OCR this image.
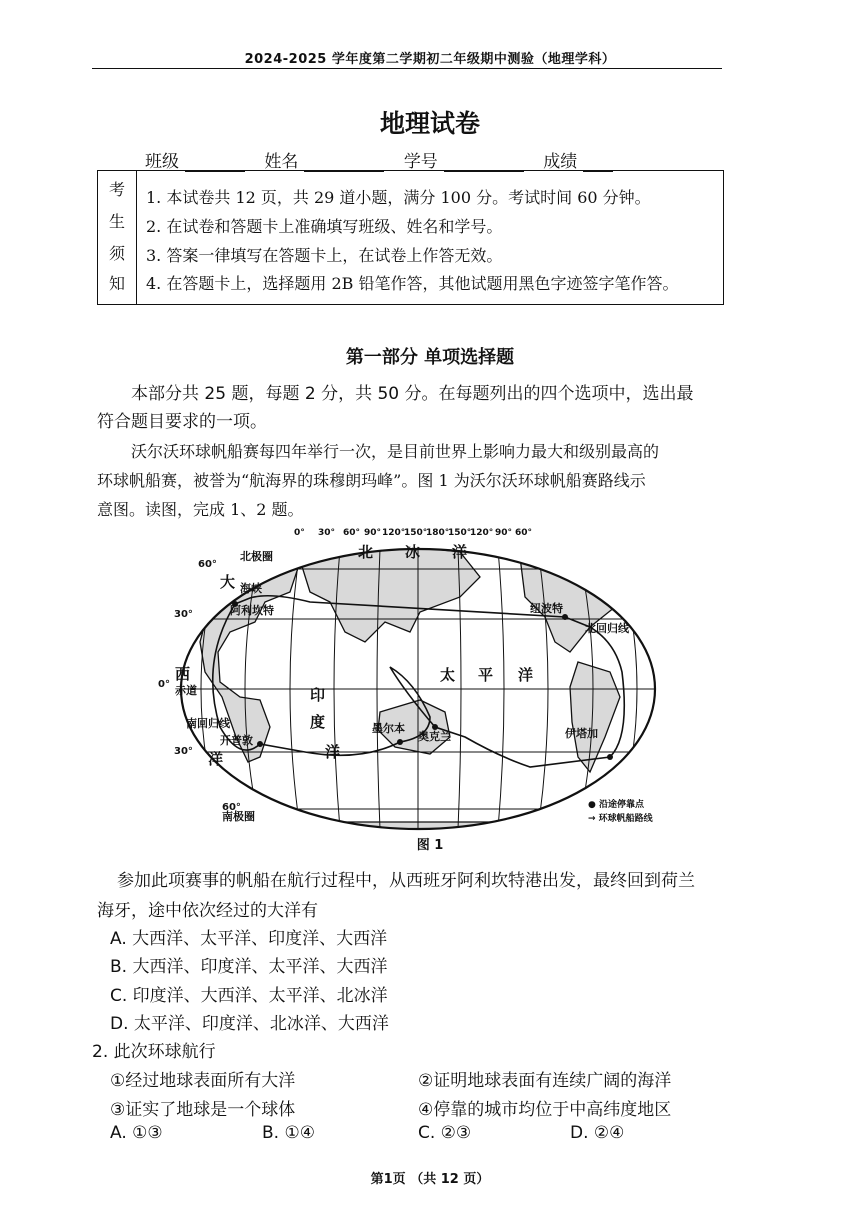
2024-2025 学年度第二学期初二年级期中测验（地理学科）
地理试卷
班级	姓名	学号	成绩
考
生
须
知
1. 本试卷共 12 页，共 29 道小题，满分 100 分。考试时间 60 分钟。
2. 在试卷和答题卡上准确填写班级、姓名和学号。
3. 答案一律填写在答题卡上，在试卷上作答无效。
4. 在答题卡上，选择题用 2B 铅笔作答，其他试题用黑色字迹签字笔作答。
第一部分 单项选择题
本部分共 25 题，每题 2 分，共 50 分。在每题列出的四个选项中，选出最
符合题目要求的一项。
沃尔沃环球帆船赛每四年举行一次，是目前世界上影响力最大和级别最高的
环球帆船赛，被誉为“航海界的珠穆朗玛峰”。图 1 为沃尔沃环球帆船赛路线示
意图。读图，完成 1、2 题。
0° 30° 60° 90° 120°
150°
180°
150°
120° 90° 60°
60°
30°
0°
30°
60°
北极圈
大 海峡
阿利坎特
西
赤道
南回归线
开普敦
洋
南极圈
印
度
洋
北 冰 洋
太 平 洋
纽波特
北回归线
墨尔本
奥克兰	伊塔加
● 沿途停靠点
→ 环球帆船路线
图 1
参加此项赛事的帆船在航行过程中，从西班牙阿利坎特港出发，最终回到荷兰
海牙，途中依次经过的大洋有
A. 大西洋、太平洋、印度洋、大西洋
B. 大西洋、印度洋、太平洋、大西洋
C. 印度洋、大西洋、太平洋、北冰洋
D. 太平洋、印度洋、北冰洋、大西洋
2. 此次环球航行
①经过地球表面所有大洋	②证明地球表面有连续广阔的海洋
③证实了地球是一个球体	④停靠的城市均位于中高纬度地区
A. ①③	B. ①④	C. ②③	D. ②④
第1页 （共 12 页）
